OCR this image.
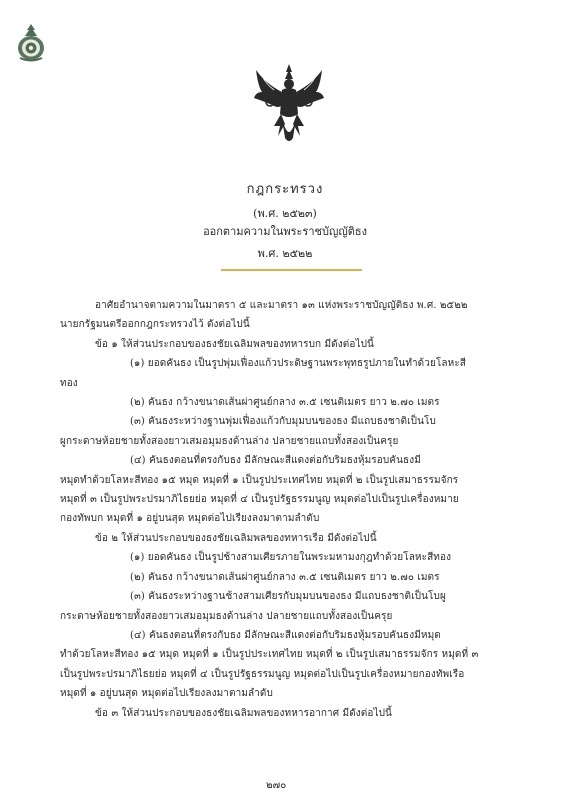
กฎกระทรวง
(พ.ศ. ๒๕๒๓)
ออกตามความในพระราชบัญญัติธง
พ.ศ. ๒๕๒๒
อาศัยอำนาจตามความในมาตรา ๕ และมาตรา ๑๓ แห่งพระราชบัญญัติธง พ.ศ. ๒๕๒๒
นายกรัฐมนตรีออกกฎกระทรวงไว้ ดังต่อไปนี้
ข้อ ๑ ให้ส่วนประกอบของธงชัยเฉลิมพลของทหารบก มีดังต่อไปนี้
(๑) ยอดคันธง เป็นรูปพุ่มเฟื่องแก้วประดิษฐานพระพุทธรูปภายในทำด้วยโลหะสี
ทอง
(๒) คันธง กว้างขนาดเส้นผ่าศูนย์กลาง ๓.๕ เซนติเมตร ยาว ๒.๗๐ เมตร
(๓) คันธงระหว่างฐานพุ่มเฟื่องแก้วกับมุมบนของธง มีแถบธงชาติเป็นโบ
ผูกระดาษห้อยชายทั้งสองยาวเสมอมุมธงด้านล่าง ปลายชายแถบทั้งสองเป็นครุย
(๔) คันธงตอนที่ตรงกับธง มีลักษณะสีแดงต่อกับริมธงหุ้มรอบคันธงมี
หมุดทำด้วยโลหะสีทอง ๑๕ หมุด หมุดที่ ๑ เป็นรูปประเทศไทย หมุดที่ ๒ เป็นรูปเสมาธรรมจักร
หมุดที่ ๓ เป็นรูปพระปรมาภิไธยย่อ หมุดที่ ๔ เป็นรูปรัฐธรรมนูญ หมุดต่อไปเป็นรูปเครื่องหมาย
กองทัพบก หมุดที่ ๑ อยู่บนสุด หมุดต่อไปเรียงลงมาตามลำดับ
ข้อ ๒ ให้ส่วนประกอบของธงชัยเฉลิมพลของทหารเรือ มีดังต่อไปนี้
(๑) ยอดคันธง เป็นรูปช้างสามเศียรภายในพระมหามงกุฎทำด้วยโลหะสีทอง
(๒) คันธง กว้างขนาดเส้นผ่าศูนย์กลาง ๓.๕ เซนติเมตร ยาว ๒.๗๐ เมตร
(๓) คันธงระหว่างฐานช้างสามเศียรกับมุมบนของธง มีแถบธงชาติเป็นโบผู
กระดาษห้อยชายทั้งสองยาวเสมอมุมธงด้านล่าง ปลายชายแถบทั้งสองเป็นครุย
(๔) คันธงตอนที่ตรงกับธง มีลักษณะสีแดงต่อกับริมธงหุ้มรอบคันธงมีหมุด
ทำด้วยโลหะสีทอง ๑๕ หมุด หมุดที่ ๑ เป็นรูปประเทศไทย หมุดที่ ๒ เป็นรูปเสมาธรรมจักร หมุดที่ ๓
เป็นรูปพระปรมาภิไธยย่อ หมุดที่ ๔ เป็นรูปรัฐธรรมนูญ หมุดต่อไปเป็นรูปเครื่องหมายกองทัพเรือ
หมุดที่ ๑ อยู่บนสุด หมุดต่อไปเรียงลงมาตามลำดับ
ข้อ ๓ ให้ส่วนประกอบของธงชัยเฉลิมพลของทหารอากาศ มีดังต่อไปนี้
๒๗๐
